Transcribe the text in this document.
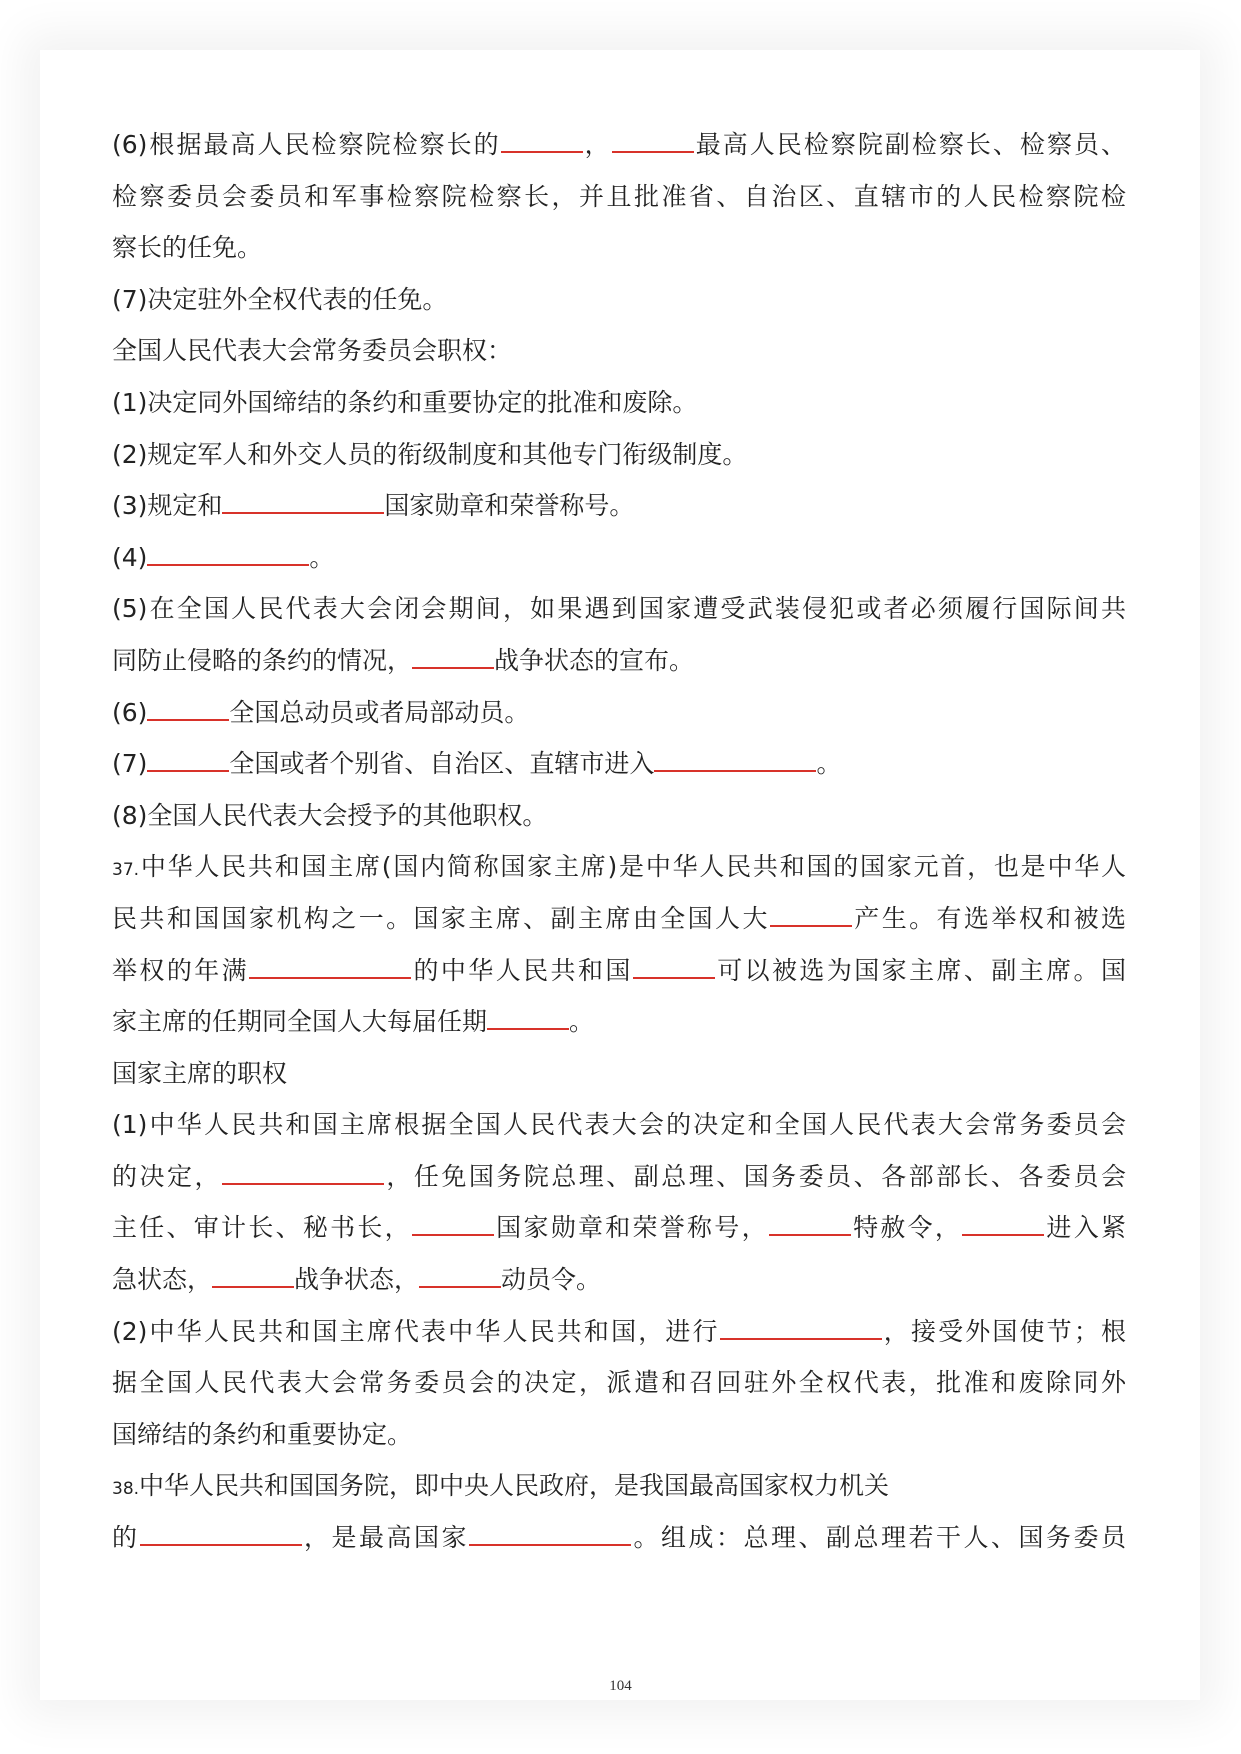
(6)根据最高人民检察院检察长的	，	最高人民检察院副检察长、检察员、
检察委员会委员和军事检察院检察长，并且批准省、自治区、直辖市的人民检察院检
察长的任免。
(7)决定驻外全权代表的任免。
全国人民代表大会常务委员会职权：
(1)决定同外国缔结的条约和重要协定的批准和废除。
(2)规定军人和外交人员的衔级制度和其他专门衔级制度。
(3)规定和	国家勋章和荣誉称号。
(4)	。
(5)在全国人民代表大会闭会期间，如果遇到国家遭受武装侵犯或者必须履行国际间共
同防止侵略的条约的情况，	战争状态的宣布。
(6)	全国总动员或者局部动员。
(7)	全国或者个别省、自治区、直辖市进入	。
(8)全国人民代表大会授予的其他职权。
37.中华人民共和国主席(国内简称国家主席)是中华人民共和国的国家元首，也是中华人
民共和国国家机构之一。国家主席、副主席由全国人大	产生。有选举权和被选
举权的年满	的中华人民共和国	可以被选为国家主席、副主席。国
家主席的任期同全国人大每届任期	。
国家主席的职权
(1)中华人民共和国主席根据全国人民代表大会的决定和全国人民代表大会常务委员会
的决定，	，任免国务院总理、副总理、国务委员、各部部长、各委员会
主任、审计长、秘书长，	国家勋章和荣誉称号，	特赦令，	进入紧
急状态，	战争状态，	动员令。
(2)中华人民共和国主席代表中华人民共和国，进行	，接受外国使节；根
据全国人民代表大会常务委员会的决定，派遣和召回驻外全权代表，批准和废除同外
国缔结的条约和重要协定。
38.中华人民共和国国务院，即中央人民政府，是我国最高国家权力机关
的	，是最高国家	。组成：总理、副总理若干人、国务委员
104
